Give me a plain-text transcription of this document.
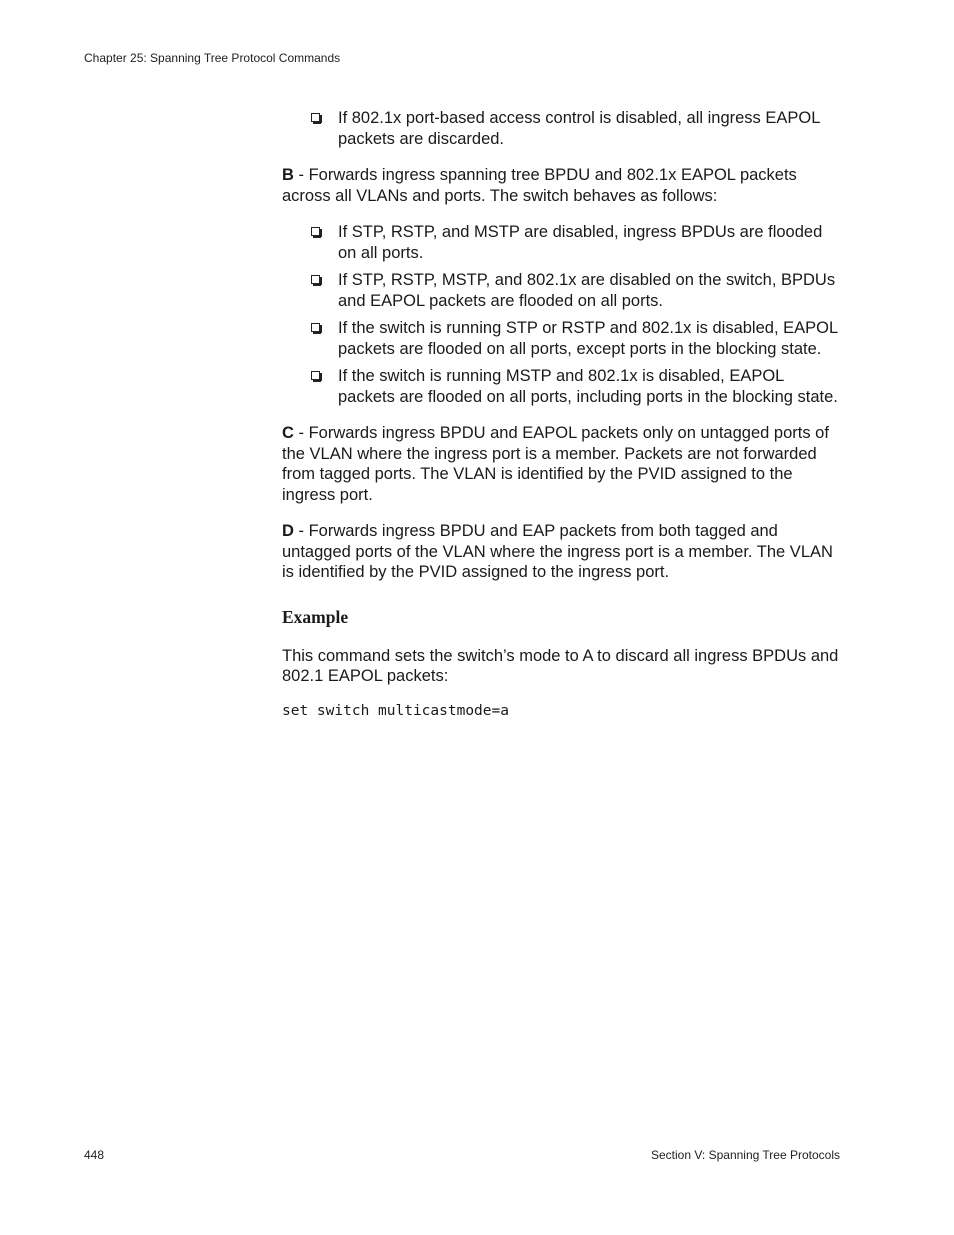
Chapter 25: Spanning Tree Protocol Commands
If 802.1x port-based access control is disabled, all ingress EAPOL packets are discarded.

B - Forwards ingress spanning tree BPDU and 802.1x EAPOL packets across all VLANs and ports. The switch behaves as follows:

If STP, RSTP, and MSTP are disabled, ingress BPDUs are flooded on all ports.
If STP, RSTP, MSTP, and 802.1x are disabled on the switch, BPDUs and EAPOL packets are flooded on all ports.
If the switch is running STP or RSTP and 802.1x is disabled, EAPOL packets are flooded on all ports, except ports in the blocking state.
If the switch is running MSTP and 802.1x is disabled, EAPOL packets are flooded on all ports, including ports in the blocking state.

C - Forwards ingress BPDU and EAPOL packets only on untagged ports of the VLAN where the ingress port is a member. Packets are not forwarded from tagged ports. The VLAN is identified by the PVID assigned to the ingress port.

D - Forwards ingress BPDU and EAP packets from both tagged and untagged ports of the VLAN where the ingress port is a member. The VLAN is identified by the PVID assigned to the ingress port.

Example

This command sets the switch’s mode to A to discard all ingress BPDUs and 802.1 EAPOL packets:

set switch multicastmode=a
448	Section V: Spanning Tree Protocols
